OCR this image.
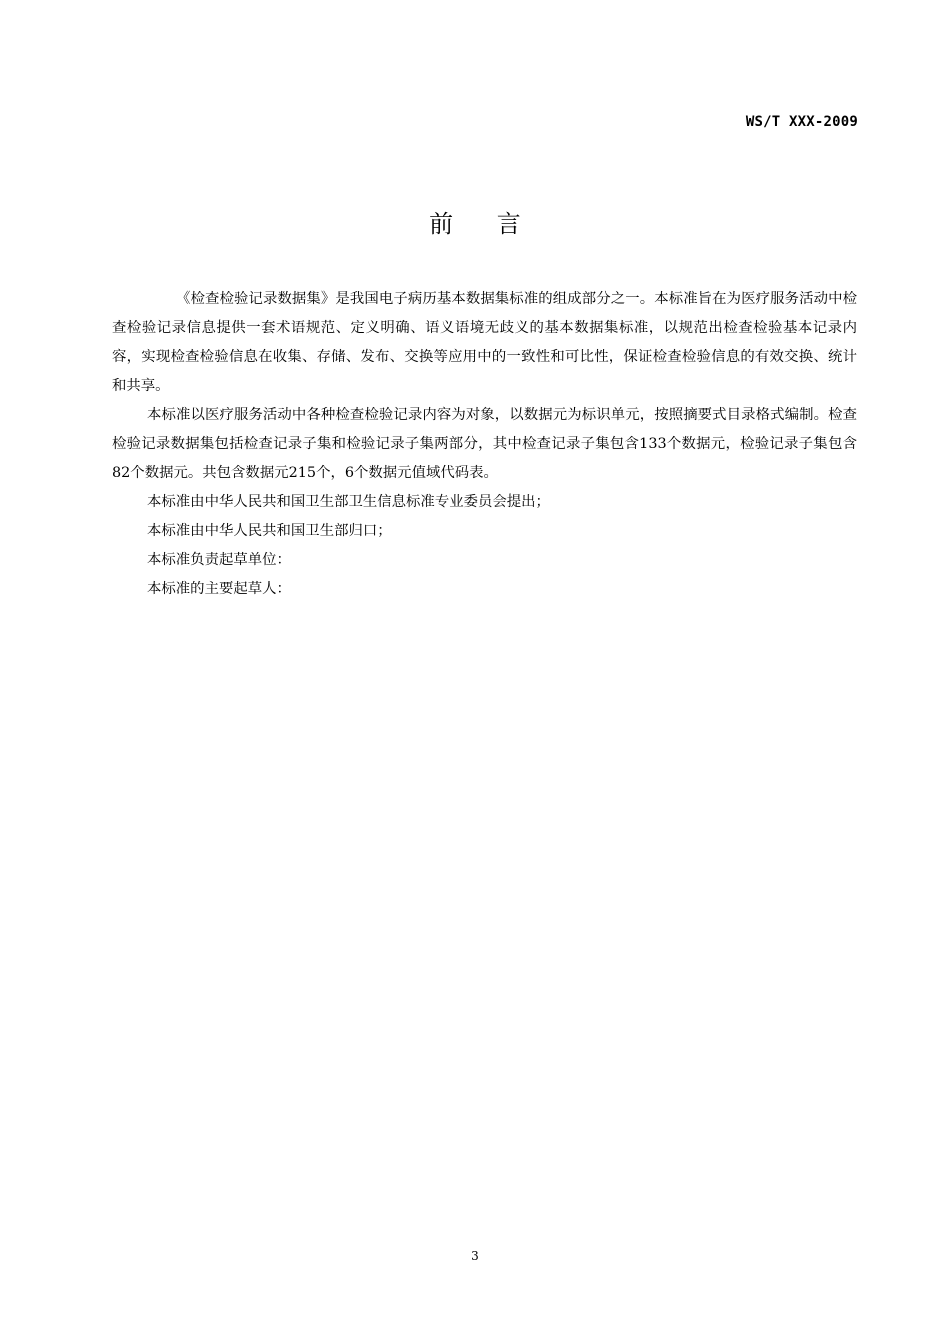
WS/T XXX-2009
前 言

《检查检验记录数据集》是我国电子病历基本数据集标准的组成部分之一。本标准旨在为医疗服务活动中检查检验记录信息提供一套术语规范、定义明确、语义语境无歧义的基本数据集标准，以规范出检查检验基本记录内容，实现检查检验信息在收集、存储、发布、交换等应用中的一致性和可比性，保证检查检验信息的有效交换、统计和共享。

本标准以医疗服务活动中各种检查检验记录内容为对象，以数据元为标识单元，按照摘要式目录格式编制。检查检验记录数据集包括检查记录子集和检验记录子集两部分，其中检查记录子集包含133个数据元，检验记录子集包含82个数据元。共包含数据元215个，6个数据元值域代码表。

本标准由中华人民共和国卫生部卫生信息标准专业委员会提出；

本标准由中华人民共和国卫生部归口；

本标准负责起草单位：

本标准的主要起草人：

3
